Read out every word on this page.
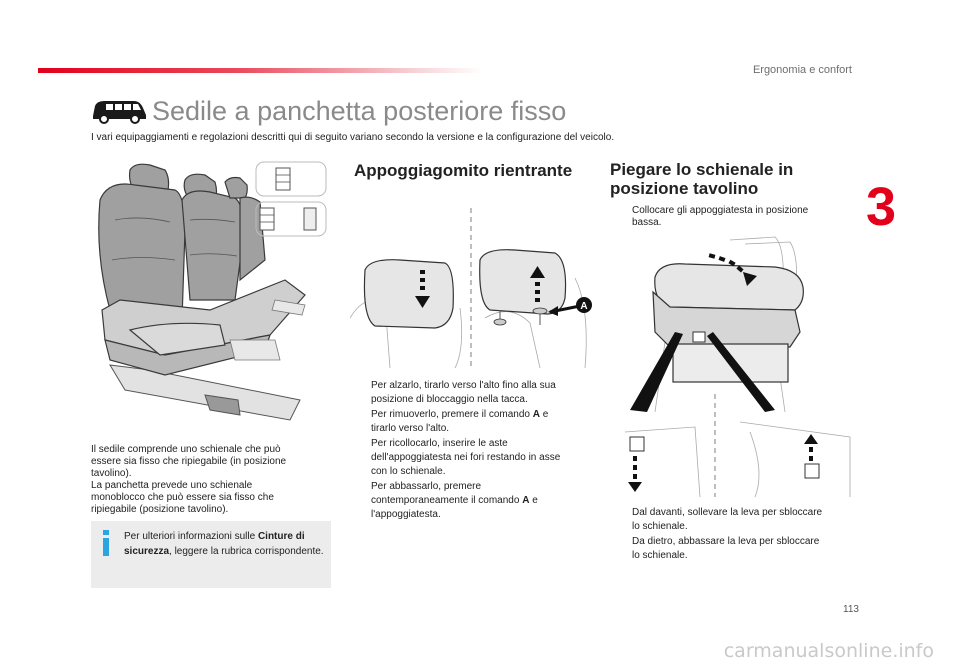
Ergonomia e confort
3
Sedile a panchetta posteriore fisso
I vari equipaggiamenti e regolazioni descritti qui di seguito variano secondo la versione e la configurazione del veicolo.
Il sedile comprende uno schienale che può
essere sia fisso che ripiegabile (in posizione
tavolino).
La panchetta prevede uno schienale
monoblocco che può essere sia fisso che
ripiegabile (posizione tavolino).
Per ulteriori informazioni sulle Cinture di sicurezza, leggere la rubrica corrispondente.
Appoggiagomito rientrante
A
Per alzarlo, tirarlo verso l'alto fino alla sua
posizione di bloccaggio nella tacca.
Per rimuoverlo, premere il comando A e
tirarlo verso l'alto.
Per ricollocarlo, inserire le aste
dell'appoggiatesta nei fori restando in asse
con lo schienale.
Per abbassarlo, premere
contemporaneamente il comando A e
l'appoggiatesta.
Piegare lo schienale in
posizione tavolino
Collocare gli appoggiatesta in posizione
bassa.
Dal davanti, sollevare la leva per sbloccare
lo schienale.
Da dietro, abbassare la leva per sbloccare
lo schienale.
113
carmanualsonline.info
